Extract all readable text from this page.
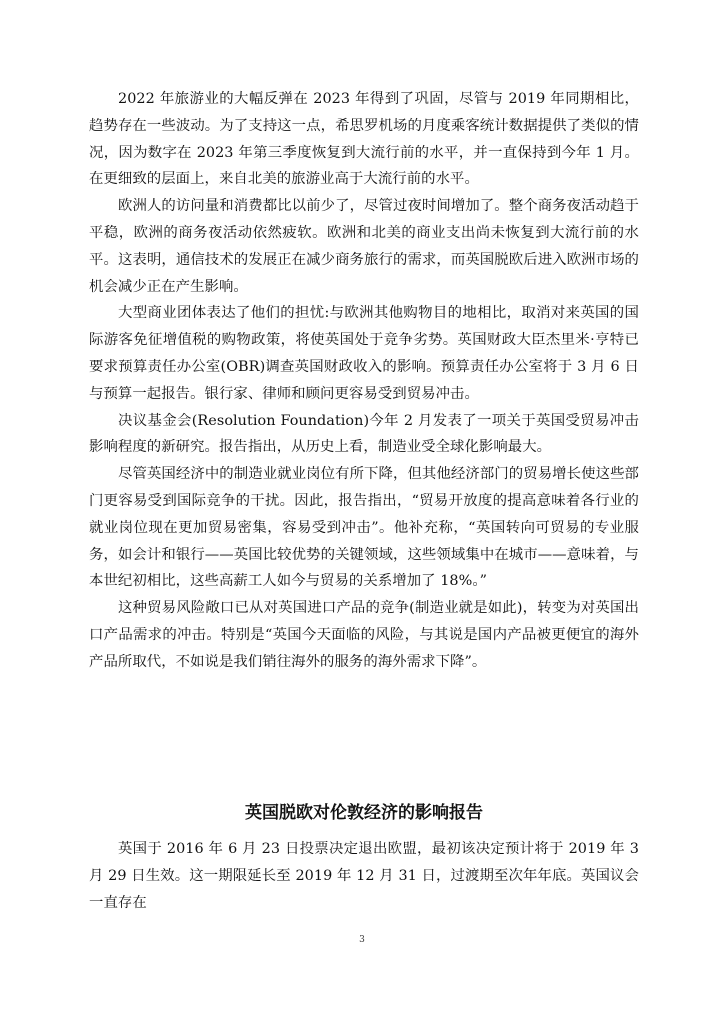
2022 年旅游业的大幅反弹在 2023 年得到了巩固，尽管与 2019 年同期相比，趋势存在一些波动。为了支持这一点，希思罗机场的月度乘客统计数据提供了类似的情况，因为数字在 2023 年第三季度恢复到大流行前的水平，并一直保持到今年 1 月。在更细致的层面上，来自北美的旅游业高于大流行前的水平。

欧洲人的访问量和消费都比以前少了，尽管过夜时间增加了。整个商务夜活动趋于平稳，欧洲的商务夜活动依然疲软。欧洲和北美的商业支出尚未恢复到大流行前的水平。这表明，通信技术的发展正在减少商务旅行的需求，而英国脱欧后进入欧洲市场的机会减少正在产生影响。

大型商业团体表达了他们的担忧:与欧洲其他购物目的地相比，取消对来英国的国际游客免征增值税的购物政策，将使英国处于竞争劣势。英国财政大臣杰里米·亨特已要求预算责任办公室(OBR)调查英国财政收入的影响。预算责任办公室将于 3 月 6 日与预算一起报告。银行家、律师和顾问更容易受到贸易冲击。

决议基金会(Resolution Foundation)今年 2 月发表了一项关于英国受贸易冲击影响程度的新研究。报告指出，从历史上看，制造业受全球化影响最大。

尽管英国经济中的制造业就业岗位有所下降，但其他经济部门的贸易增长使这些部门更容易受到国际竞争的干扰。因此，报告指出，“贸易开放度的提高意味着各行业的就业岗位现在更加贸易密集，容易受到冲击”。他补充称，“英国转向可贸易的专业服务，如会计和银行——英国比较优势的关键领域，这些领域集中在城市——意味着，与本世纪初相比，这些高薪工人如今与贸易的关系增加了 18%。”

这种贸易风险敞口已从对英国进口产品的竞争(制造业就是如此)，转变为对英国出口产品需求的冲击。特别是“英国今天面临的风险，与其说是国内产品被更便宜的海外产品所取代，不如说是我们销往海外的服务的海外需求下降”。

英国脱欧对伦敦经济的影响报告

英国于 2016 年 6 月 23 日投票决定退出欧盟，最初该决定预计将于 2019 年 3 月 29 日生效。这一期限延长至 2019 年 12 月 31 日，过渡期至次年年底。英国议会一直存在

3
